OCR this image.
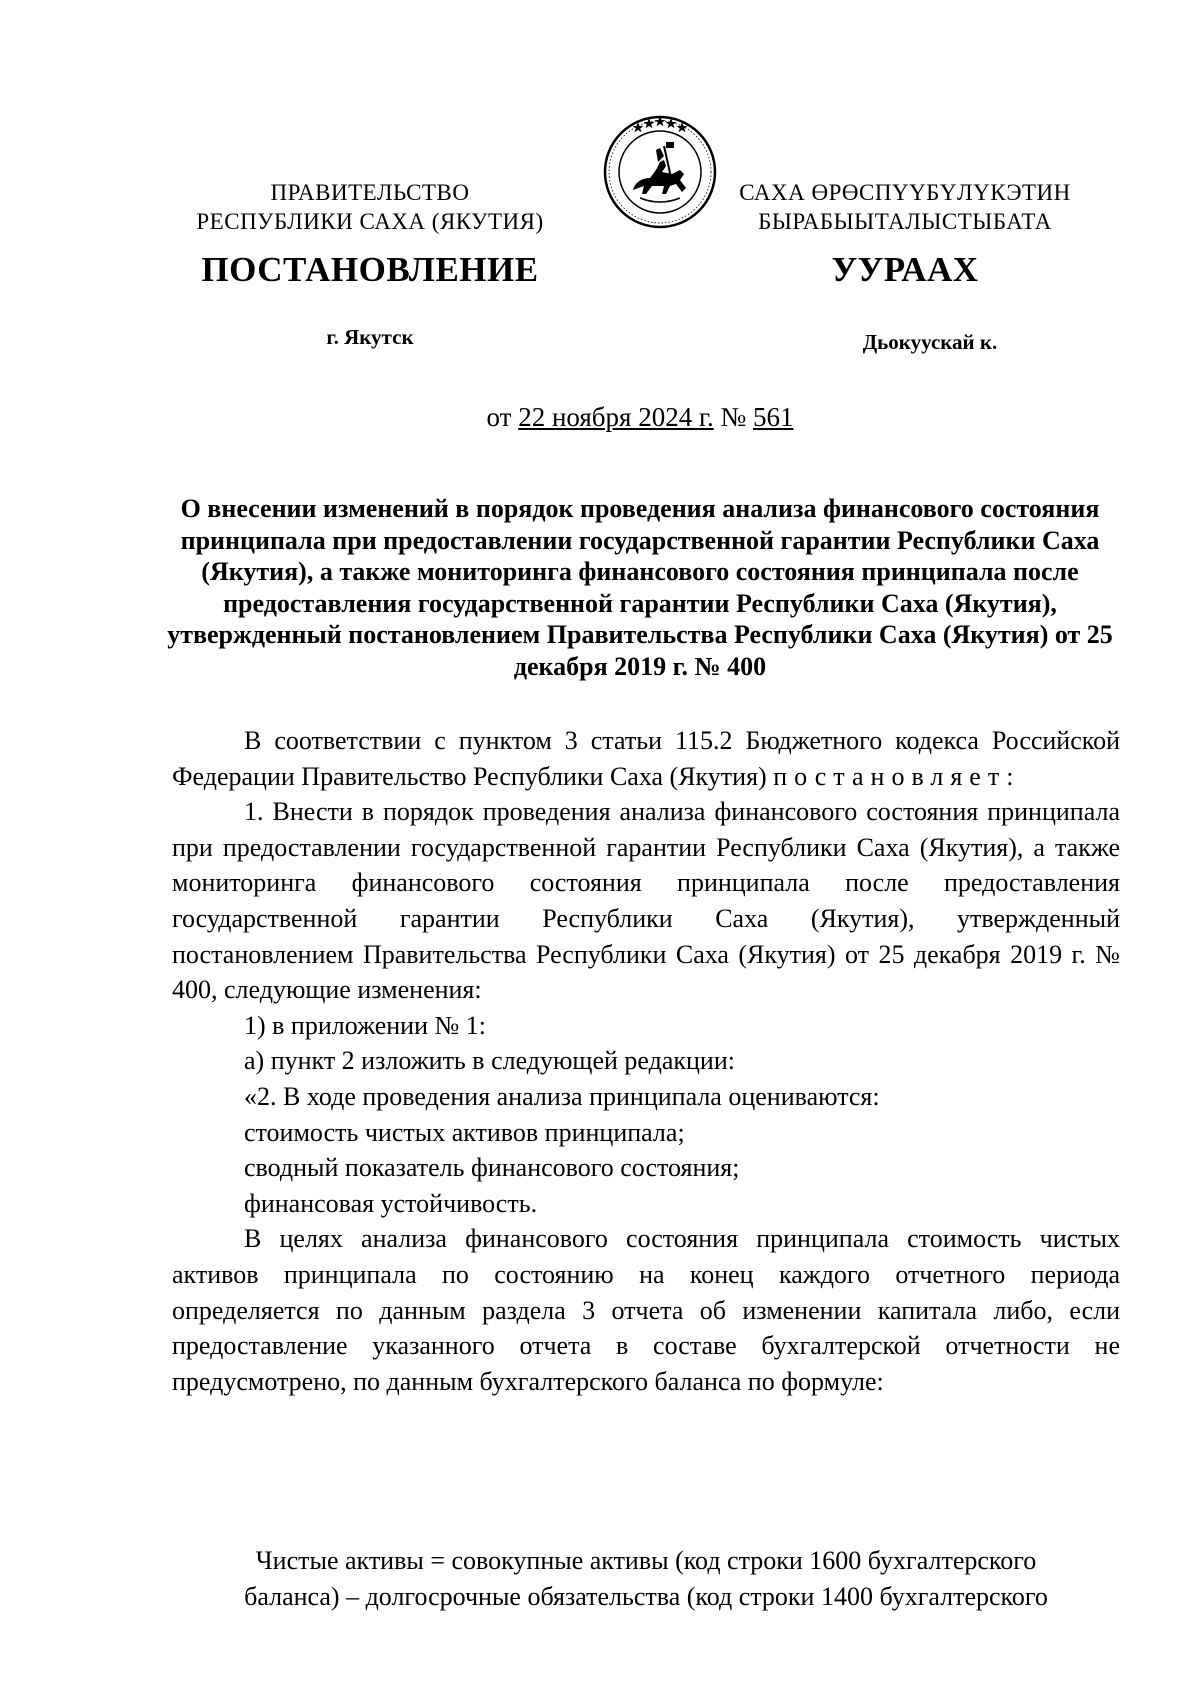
ПРАВИТЕЛЬСТВО
РЕСПУБЛИКИ САХА (ЯКУТИЯ)
САХА ӨРӨСПҮҮБҮЛҮКЭТИН
БЫРАБЫЫТАЛЫСТЫБАТА
ПОСТАНОВЛЕНИЕ	УУРААХ
г. Якутск	Дьокуускай к.
от 22 ноября 2024 г. № 561
О внесении изменений в порядок проведения анализа финансового состояния принципала при предоставлении государственной гарантии Республики Саха (Якутия), а также мониторинга финансового состояния принципала после предоставления государственной гарантии Республики Саха (Якутия), утвержденный постановлением Правительства Республики Саха (Якутия) от 25 декабря 2019 г. № 400

В соответствии с пунктом 3 статьи 115.2 Бюджетного кодекса Российской Федерации Правительство Республики Саха (Якутия) постановляет:

1. Внести в порядок проведения анализа финансового состояния принципала при предоставлении государственной гарантии Республики Саха (Якутия), а также мониторинга финансового состояния принципала после предоставления государственной гарантии Республики Саха (Якутия), утвержденный постановлением Правительства Республики Саха (Якутия) от 25 декабря 2019 г. № 400, следующие изменения:

1) в приложении № 1:

а) пункт 2 изложить в следующей редакции:

«2. В ходе проведения анализа принципала оцениваются:

стоимость чистых активов принципала;

сводный показатель финансового состояния;

финансовая устойчивость.

В целях анализа финансового состояния принципала стоимость чистых активов принципала по состоянию на конец каждого отчетного периода определяется по данным раздела 3 отчета об изменении капитала либо, если предоставление указанного отчета в составе бухгалтерской отчетности не предусмотрено, по данным бухгалтерского баланса по формуле:

Чистые активы = совокупные активы (код строки 1600 бухгалтерского
баланса) – долгосрочные обязательства (код строки 1400 бухгалтерского
